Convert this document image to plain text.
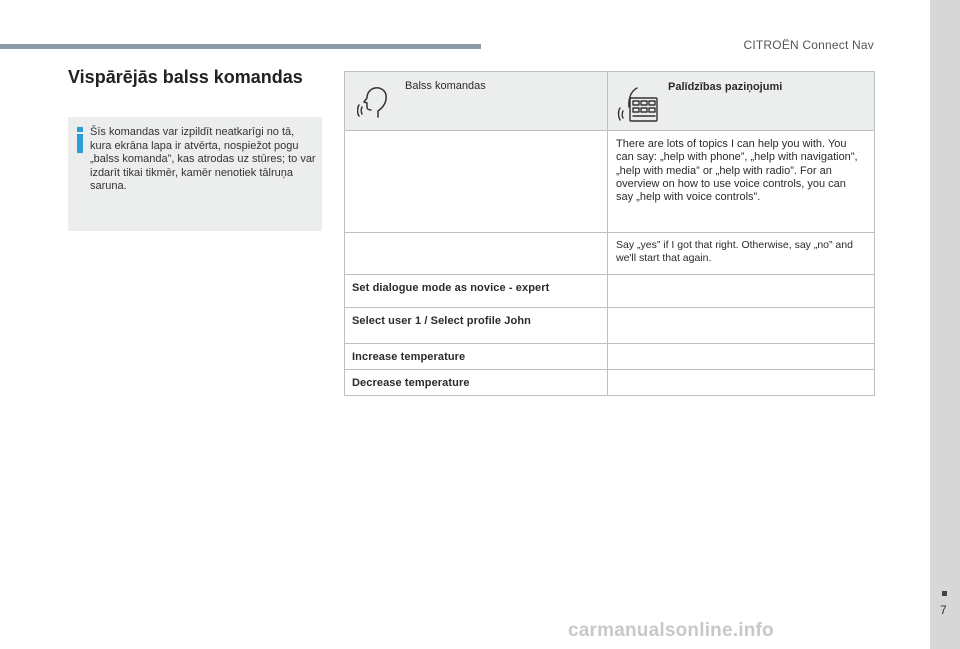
CITROËN Connect Nav
Vispārējās balss komandas

Šīs komandas var izpildīt neatkarīgi no tā, kura ekrāna lapa ir atvērta, nospiežot pogu „balss komanda”, kas atrodas uz stūres; to var izdarīt tikai tikmēr, kamēr nenotiek tālruņa saruna.

Balss komandas	Palīdzības paziņojumi

	There are lots of topics I can help you with. You can say: „help with phone”, „help with navigation”, „help with media” or „help with radio”. For an overview on how to use voice controls, you can say „help with voice controls”.

	Say „yes” if I got that right. Otherwise, say „no” and we'll start that again.

Set dialogue mode as novice - expert	

Select user 1 / Select profile John	

Increase temperature	

Decrease temperature	

7
carmanualsonline.info
